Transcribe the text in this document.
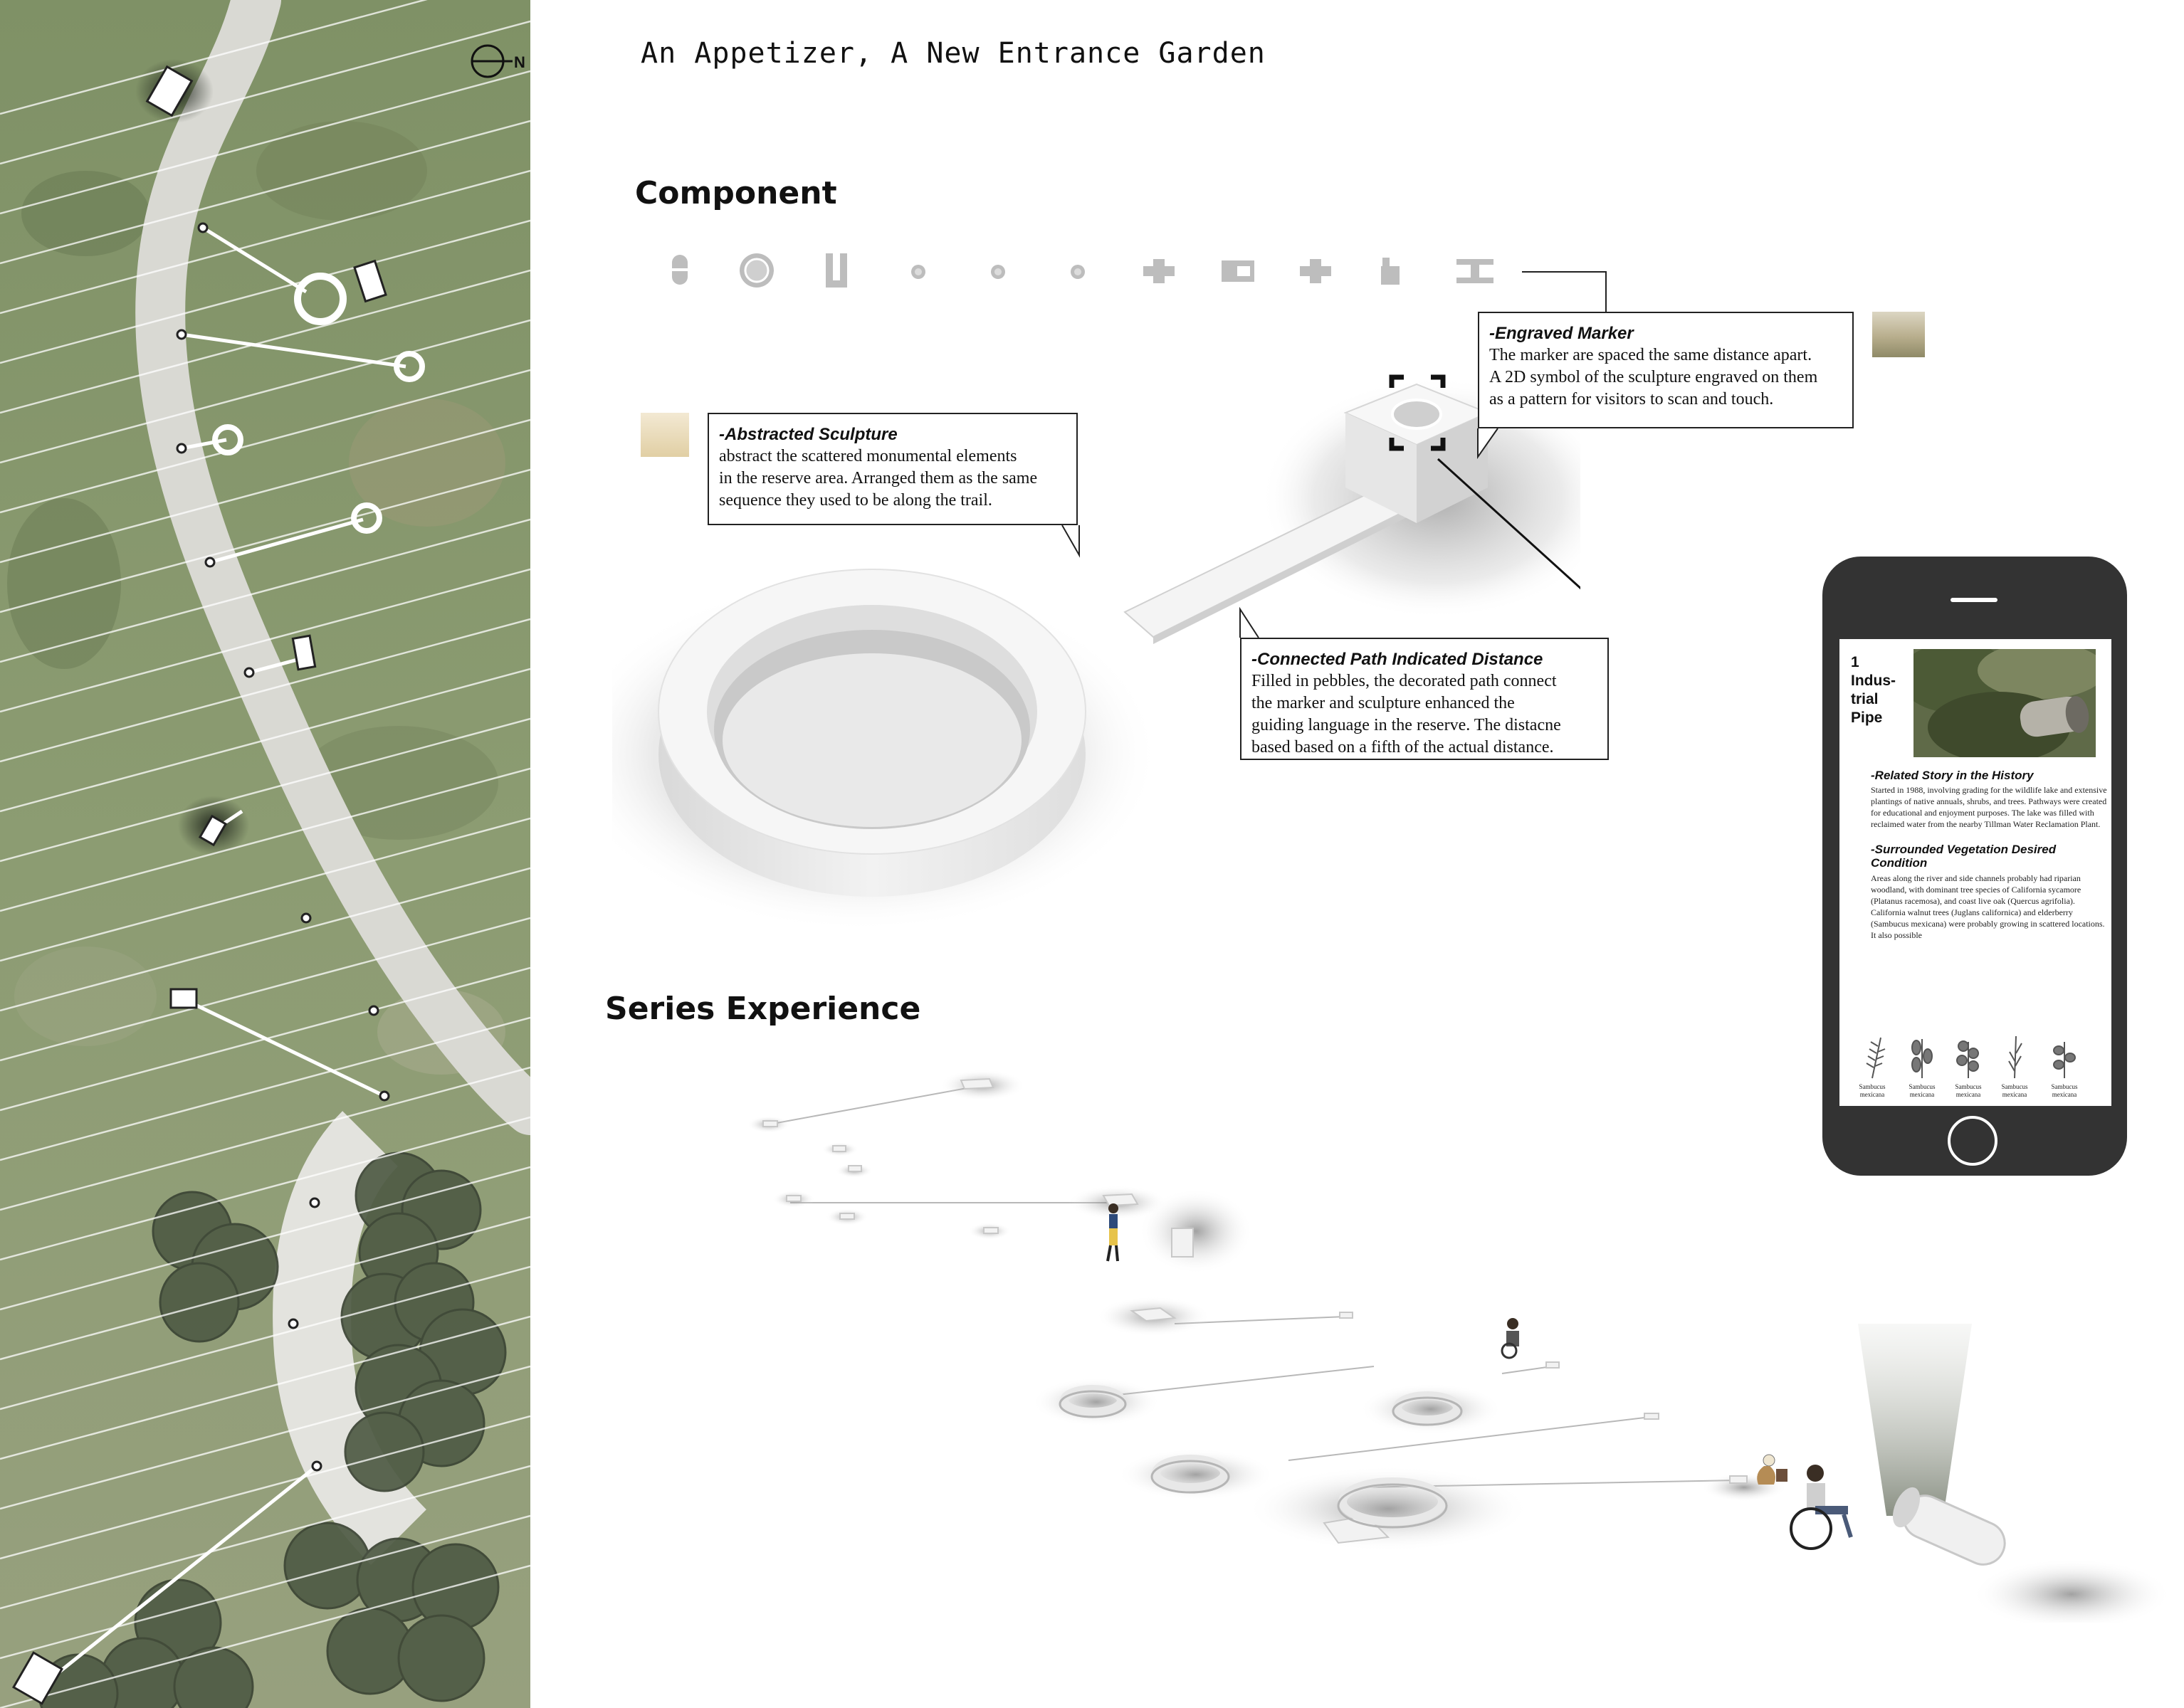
N	An Appetizer, A New Entrance Garden
Component
Series Experience
-Engraved Marker
The marker are spaced the same distance apart.
A 2D symbol of the sculpture engraved on them
as a pattern for visitors to scan and touch.
-Abstracted Sculpture
abstract the scattered monumental elements
in the reserve area. Arranged them as the same
sequence they used to be along the trail.
-Connected Path Indicated Distance
Filled in pebbles, the decorated path connect
the marker and sculpture enhanced the
guiding language in the reserve. The distacne
based based on a fifth of the actual distance.
1 Indus- trial Pipe
-Related Story in the History
Started in 1988, involving grading for the wildlife lake and extensive plantings of native annuals, shrubs, and trees. Pathways were created for educational and enjoyment purposes. The lake was filled with reclaimed water from the nearby Tillman Water Reclamation Plant.
-Surrounded Vegetation Desired Condition
Areas along the river and side channels probably had riparian woodland, with dominant tree species of California sycamore (Platanus racemosa), and coast live oak (Quercus agrifolia). California walnut trees (Juglans californica) and elderberry (Sambucus mexicana) were probably growing in scattered locations. It also possible
Sambucus mexicana
Sambucus mexicana
Sambucus mexicana
Sambucus mexicana
Sambucus mexicana
